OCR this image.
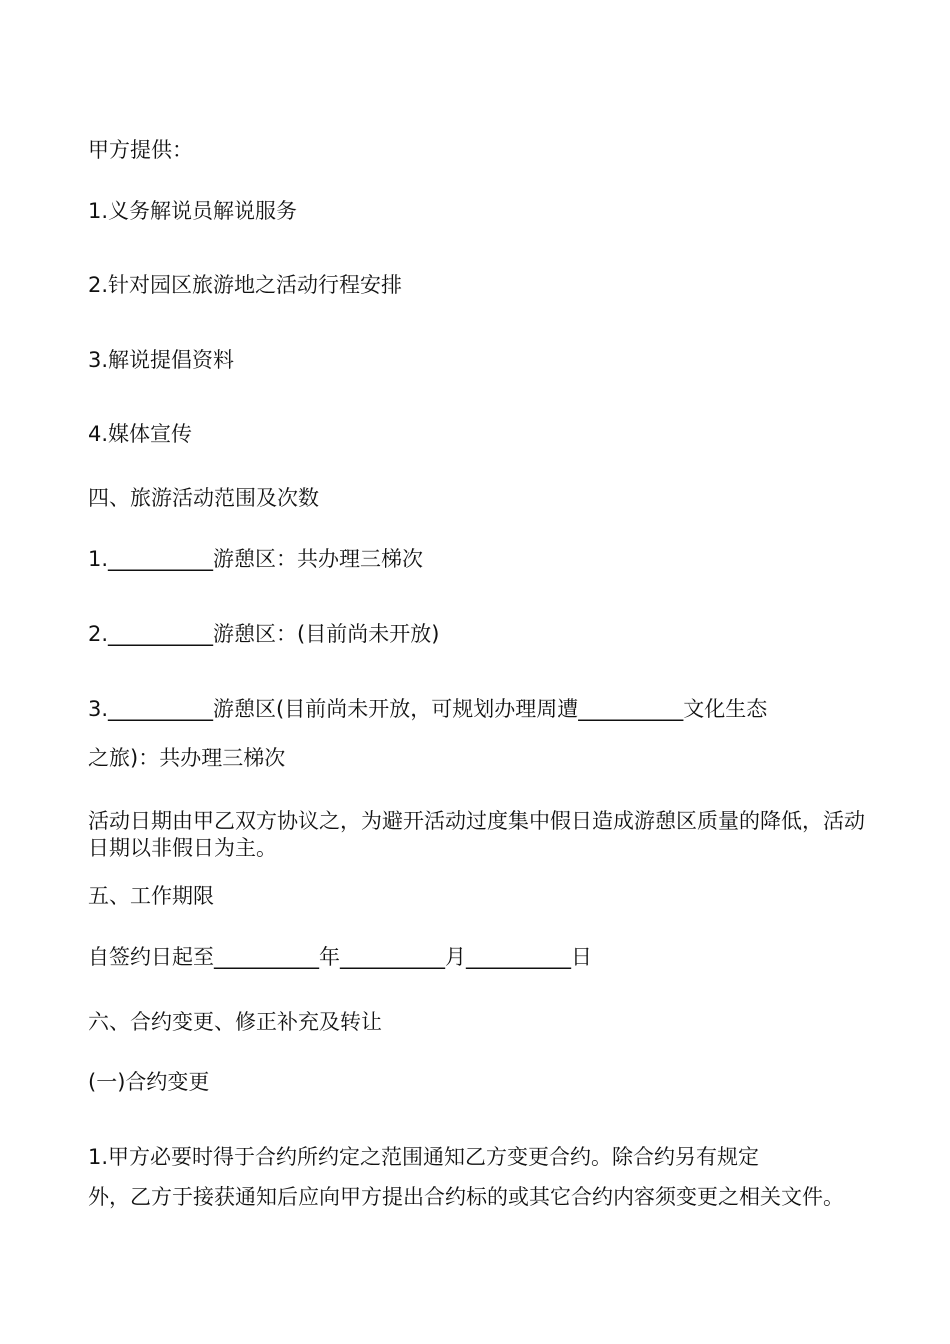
甲方提供：

1.义务解说员解说服务

2.针对园区旅游地之活动行程安排

3.解说提倡资料

4.媒体宣传

四、旅游活动范围及次数

1.__________游憩区：共办理三梯次

2.__________游憩区：(目前尚未开放)

3.__________游憩区(目前尚未开放，可规划办理周遭__________文化生态

之旅)：共办理三梯次

活动日期由甲乙双方协议之，为避开活动过度集中假日造成游憩区质量的降低，活动日期以非假日为主。

五、工作期限

自签约日起至__________年__________月__________日

六、合约变更、修正补充及转让

(一)合约变更

1.甲方必要时得于合约所约定之范围通知乙方变更合约。除合约另有规定

外，乙方于接获通知后应向甲方提出合约标的或其它合约内容须变更之相关文件。
